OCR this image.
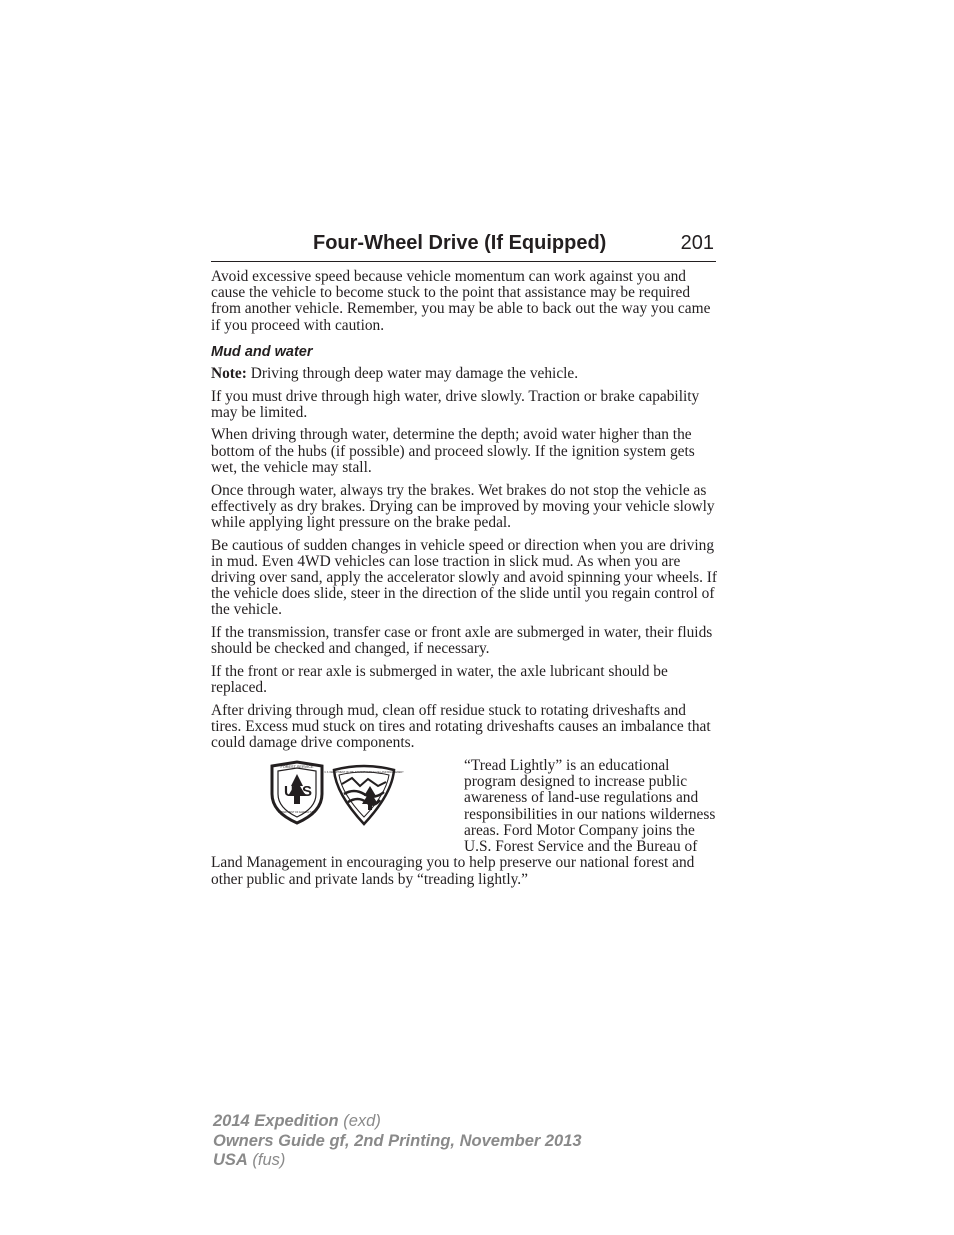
Four-Wheel Drive (If Equipped)	201

Avoid excessive speed because vehicle momentum can work against you and cause the vehicle to become stuck to the point that assistance may be required from another vehicle. Remember, you may be able to back out the way you came if you proceed with caution.

Mud and water

Note: Driving through deep water may damage the vehicle.

If you must drive through high water, drive slowly. Traction or brake capability may be limited.

When driving through water, determine the depth; avoid water higher than the bottom of the hubs (if possible) and proceed slowly. If the ignition system gets wet, the vehicle may stall.

Once through water, always try the brakes. Wet brakes do not stop the vehicle as effectively as dry brakes. Drying can be improved by moving your vehicle slowly while applying light pressure on the brake pedal.

Be cautious of sudden changes in vehicle speed or direction when you are driving in mud. Even 4WD vehicles can lose traction in slick mud. As when you are driving over sand, apply the accelerator slowly and avoid spinning your wheels. If the vehicle does slide, steer in the direction of the slide until you regain control of the vehicle.

If the transmission, transfer case or front axle are submerged in water, their fluids should be checked and changed, if necessary.

If the front or rear axle is submerged in water, the axle lubricant should be replaced.

After driving through mud, clean off residue stuck to rotating driveshafts and tires. Excess mud stuck on tires and rotating driveshafts causes an imbalance that could damage drive components.

U S
FOREST SERVICE
DEPARTMENT OF AGRICULTURE
U.S. DEPARTMENT OF THE INTERIOR BUREAU OF LAND MANAGEMENT	“Tread Lightly” is an educational program designed to increase public awareness of land-use regulations and responsibilities in our nations wilderness areas. Ford Motor Company joins the U.S. Forest Service and the Bureau of Land Management in encouraging you to help preserve our national forest and other public and private lands by “treading lightly.”

2014 Expedition (exd)
Owners Guide gf, 2nd Printing, November 2013
USA (fus)
